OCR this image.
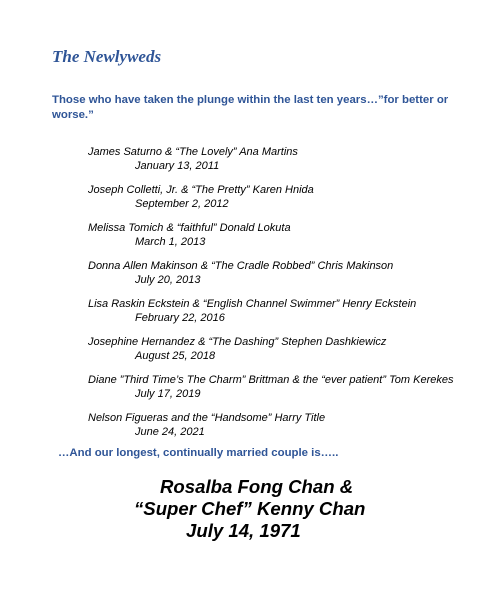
The Newlyweds

Those who have taken the plunge within the last ten years…”for better or worse.”

James Saturno & “The Lovely” Ana Martins
January 13, 2011
Joseph Colletti, Jr. & “The Pretty” Karen Hnida
September 2, 2012
Melissa Tomich & “faithful” Donald Lokuta
March 1, 2013
Donna Allen Makinson & “The Cradle Robbed” Chris Makinson
July 20, 2013
Lisa Raskin Eckstein & “English Channel Swimmer” Henry Eckstein
February 22, 2016
Josephine Hernandez & “The Dashing” Stephen Dashkiewicz
August 25, 2018
Diane ”Third Time’s The Charm” Brittman & the “ever patient” Tom Kerekes
July 17, 2019
Nelson Figueras and the “Handsome” Harry Title
June 24, 2021

…And our longest, continually married couple is…..

Rosalba Fong Chan &
“Super Chef” Kenny Chan
July 14, 1971
